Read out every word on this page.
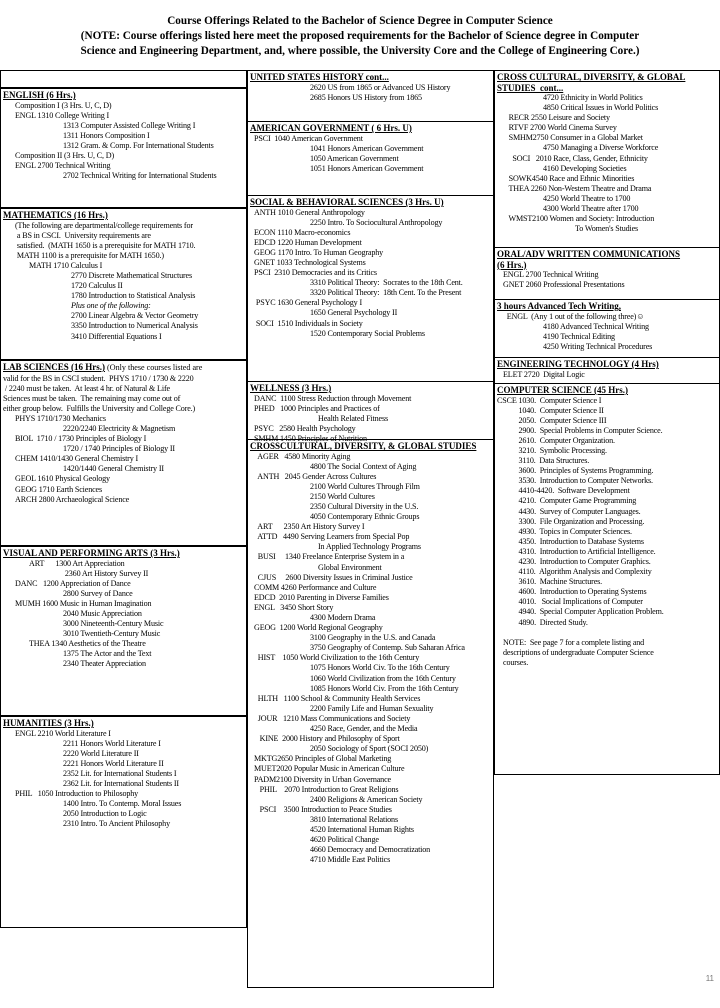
Course Offerings Related to the Bachelor of Science Degree in Computer Science
(NOTE: Course offerings listed here meet the proposed requirements for the Bachelor of Science degree in Computer
Science and Engineering Department, and, where possible, the University Core and the College of Engineering Core.)
ENGLISH (6 Hrs.)
Composition I (3 Hrs. U, C, D)
ENGL 1310 College Writing I
1313 Computer Assisted College Writing I
1311 Honors Composition I
1312 Gram. & Comp. For International Students
Composition II (3 Hrs. U, C, D)
ENGL 2700 Technical Writing
2702 Technical Writing for International Students
MATHEMATICS (16 Hrs.)
(The following are departmental/college requirements for
a BS in CSCI.  University requirements are
satisfied.  (MATH 1650 is a prerequisite for MATH 1710.
MATH 1100 is a prerequisite for MATH 1650.)
MATH 1710 Calculus I
2770 Discrete Mathematical Structures
1720 Calculus II
1780 Introduction to Statistical Analysis
Plus one of the following:
2700 Linear Algebra & Vector Geometry
3350 Introduction to Numerical Analysis
3410 Differential Equations I
LAB SCIENCES (16 Hrs.) (Only these courses listed are
valid for the BS in CSCI student.  PHYS 1710 / 1730 & 2220
/ 2240 must be taken.  At least 4 hr. of Natural & Life
Sciences must be taken.  The remaining may come out of
either group below.  Fulfills the University and College Core.)
PHYS 1710/1730 Mechanics
2220/2240 Electricity & Magnetism
BIOL  1710 / 1730 Principles of Biology I
1720 / 1740 Principles of Biology II
CHEM 1410/1430 General Chemistry I
1420/1440 General Chemistry II
GEOL 1610 Physical Geology
GEOG 1710 Earth Sciences
ARCH 2800 Archaeological Science
VISUAL AND PERFORMING ARTS (3 Hrs.)
ART      1300 Art Appreciation
2360 Art History Survey II
DANC   1200 Appreciation of Dance
2800 Survey of Dance
MUMH 1600 Music in Human Imagination
2040 Music Appreciation
3000 Nineteenth-Century Music
3010 Twentieth-Century Music
THEA 1340 Aesthetics of the Theatre
1375 The Actor and the Text
2340 Theater Appreciation
HUMANITIES (3 Hrs.)
ENGL 2210 World Literature I
2211 Honors World Literature I
2220 World Literature II
2221 Honors World Literature II
2352 Lit. for International Students I
2362 Lit. for International Students II
PHIL   1050 Introduction to Philosophy
1400 Intro. To Contemp. Moral Issues
2050 Introduction to Logic
2310 Intro. To Ancient Philosophy
UNITED STATES HISTORY cont...
2620 US from 1865 or Advanced US History
2685 Honors US History from 1865
AMERICAN GOVERNMENT ( 6 Hrs. U)
PSCI  1040 American Government
1041 Honors American Government
1050 American Government
1051 Honors American Government
SOCIAL & BEHAVIORAL SCIENCES (3 Hrs. U)
ANTH 1010 General Anthropology
2250 Intro. To Sociocultural Anthropology
ECON 1110 Macro-economics
EDCD 1220 Human Development
GEOG 1170 Intro. To Human Geography
GNET 1033 Technological Systems
PSCI  2310 Democracies and its Critics
3310 Political Theory:  Socrates to the 18th Cent.
3320 Political Theory:  18th Cent. To the Present
PSYC 1630 General Psychology I
1650 General Psychology II
SOCI  1510 Individuals in Society
1520 Contemporary Social Problems
WELLNESS (3 Hrs.)
DANC  1100 Stress Reduction through Movement
PHED   1000 Principles and Practices of
Health Related Fitness
PSYC   2580 Health Psychology
SMHM 1450 Principles of Nutrition
CROSSCULTURAL, DIVERSITY, & GLOBAL STUDIES
AGER   4580 Minority Aging
4800 The Social Context of Aging
ANTH   2045 Gender Across Cultures
2100 World Cultures Through Film
2150 World Cultures
2350 Cultural Diversity in the U.S.
4050 Contemporary Ethnic Groups
ART      2350 Art History Survey I
ATTD   4490 Serving Learners from Special Pop
In Applied Technology Programs
BUSI     1340 Freelance Enterprise System in a
Global Environment
CJUS     2600 Diversity Issues in Criminal Justice
COMM 4260 Performance and Culture
EDCD  2010 Parenting in Diverse Families
ENGL   3450 Short Story
4300 Modern Drama
GEOG  1200 World Regional Geography
3100 Geography in the U.S. and Canada
3750 Geography of Contemp. Sub Saharan Africa
HIST    1050 World Civilization to the 16th Century
1075 Honors World Civ. To the 16th Century
1060 World Civilization from the 16th Century
1085 Honors World Civ. From the 16th Century
HLTH   1100 School & Community Health Services
2200 Family Life and Human Sexuality
JOUR   1210 Mass Communications and Society
4250 Race, Gender, and the Media
KINE  2000 History and Philosophy of Sport
2050 Sociology of Sport (SOCI 2050)
MKTG2650 Principles of Global Marketing
MUET2020 Popular Music in American Culture
PADM2100 Diversity in Urban Governance
PHIL    2070 Introduction to Great Religions
2400 Religions & American Society
PSCI    3500 Introduction to Peace Studies
3810 International Relations
4520 International Human Rights
4620 Political Change
4660 Democracy and Democratization
4710 Middle East Politics
CROSS CULTURAL, DIVERSITY, & GLOBAL
STUDIES  cont...
4720 Ethnicity in World Politics
4850 Critical Issues in World Politics
RECR 2550 Leisure and Society
RTVF 2700 World Cinema Survey
SMHM2750 Consumer in a Global Market
4750 Managing a Diverse Workforce
SOCI   2010 Race, Class, Gender, Ethnicity
4160 Developing Societies
SOWK4540 Race and Ethnic Minorities
THEA 2260 Non-Western Theatre and Drama
4250 World Theatre to 1700
4300 World Theatre after 1700
WMST2100 Women and Society: Introduction
To Women's Studies
ORAL/ADV WRITTEN COMMUNICATIONS
(6 Hrs.)
ENGL 2700 Technical Writing
GNET 2060 Professional Presentations
3 hours Advanced Tech Writing,
ENGL  (Any 1 out of the following three)☺
4180 Advanced Technical Writing
4190 Technical Editing
4250 Writing Technical Procedures
ENGINEERING TECHNOLOGY (4 Hrs)
ELET 2720  Digital Logic
COMPUTER SCIENCE (45 Hrs.)
CSCE 1030.  Computer Science I
1040.  Computer Science II
2050.  Computer Science III
2900.  Special Problems in Computer Science.
2610.  Computer Organization.
3210.  Symbolic Processing.
3110.  Data Structures.
3600.  Principles of Systems Programming.
3530.  Introduction to Computer Networks.
4410-4420.  Software Development
4210.  Computer Game Programming
4430.  Survey of Computer Languages.
3300.  File Organization and Processing.
4930.  Topics in Computer Sciences.
4350.  Introduction to Database Systems
4310.  Introduction to Artificial Intelligence.
4230.  Introduction to Computer Graphics.
4110.  Algorithm Analysis and Complexity
3610.  Machine Structures.
4600.  Introduction to Operating Systems
4010.   Social Implications of Computer
4940.  Special Computer Application Problem.
4890.  Directed Study.

NOTE:  See page 7 for a complete listing and
descriptions of undergraduate Computer Science
courses.
11
